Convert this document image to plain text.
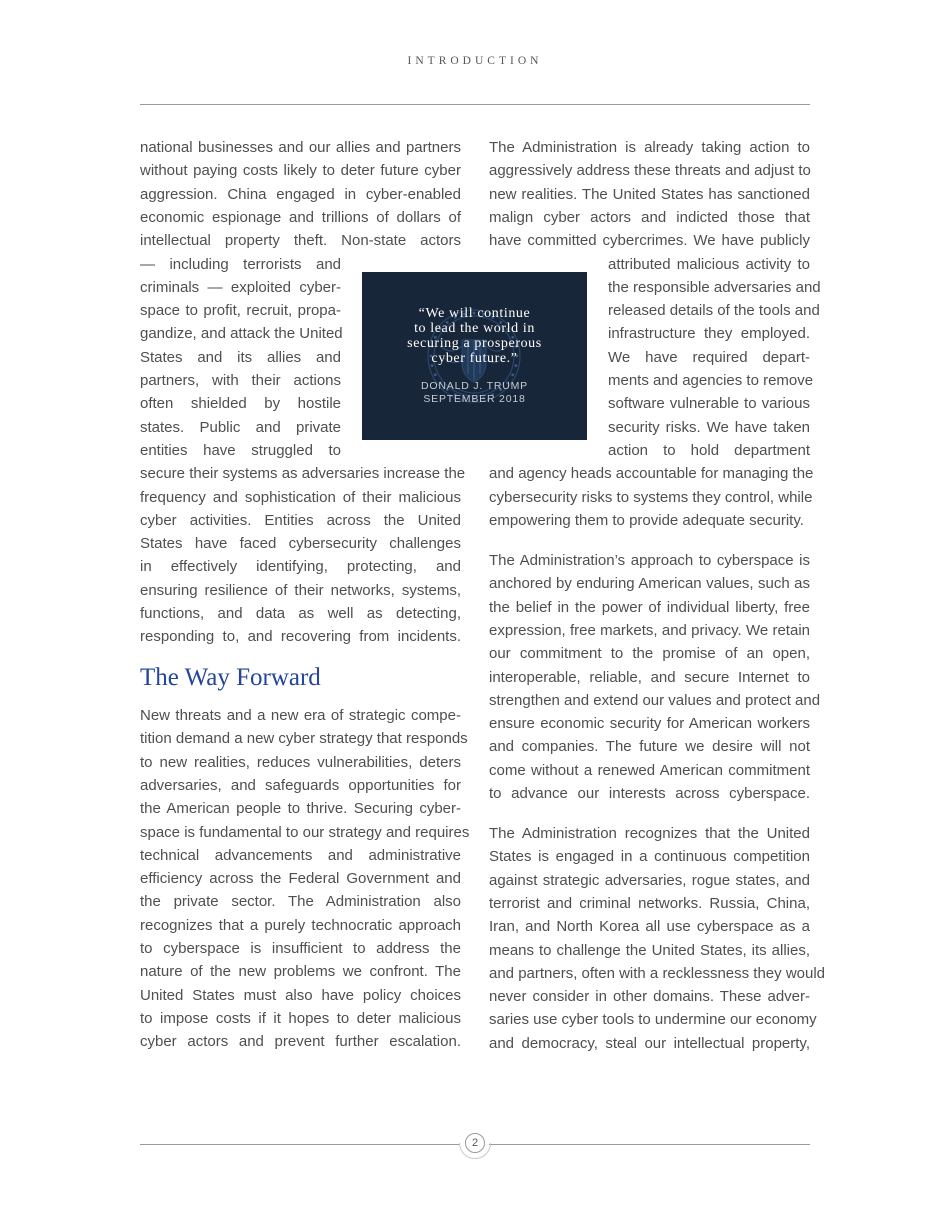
INTRODUCTION
national businesses and our allies and partners
without paying costs likely to deter future cyber
aggression. China engaged in cyber-enabled
economic espionage and trillions of dollars of
intellectual property theft. Non-state actors
— including terrorists and
criminals — exploited cyber-
space to profit, recruit, propa-
gandize, and attack the United
States and its allies and
partners, with their actions
often shielded by hostile
states. Public and private
entities have struggled to
secure their systems as adversaries increase the
frequency and sophistication of their malicious
cyber activities. Entities across the United
States have faced cybersecurity challenges
in effectively identifying, protecting, and
ensuring resilience of their networks, systems,
functions, and data as well as detecting,
responding to, and recovering from incidents.
New threats and a new era of strategic compe-
tition demand a new cyber strategy that responds
to new realities, reduces vulnerabilities, deters
adversaries, and safeguards opportunities for
the American people to thrive. Securing cyber-
space is fundamental to our strategy and requires
technical advancements and administrative
efficiency across the Federal Government and
the private sector. The Administration also
recognizes that a purely technocratic approach
to cyberspace is insufficient to address the
nature of the new problems we confront. The
United States must also have policy choices
to impose costs if it hopes to deter malicious
cyber actors and prevent further escalation.
The Way Forward
The Administration is already taking action to
aggressively address these threats and adjust to
new realities. The United States has sanctioned
malign cyber actors and indicted those that
have committed cybercrimes. We have publicly
attributed malicious activity to
the responsible adversaries and
released details of the tools and
infrastructure they employed.
We have required depart-
ments and agencies to remove
software vulnerable to various
security risks. We have taken
action to hold department
and agency heads accountable for managing the
cybersecurity risks to systems they control, while
empowering them to provide adequate security.
The Administration’s approach to cyberspace is
anchored by enduring American values, such as
the belief in the power of individual liberty, free
expression, free markets, and privacy. We retain
our commitment to the promise of an open,
interoperable, reliable, and secure Internet to
strengthen and extend our values and protect and
ensure economic security for American workers
and companies. The future we desire will not
come without a renewed American commitment
to advance our interests across cyberspace.
The Administration recognizes that the United
States is engaged in a continuous competition
against strategic adversaries, rogue states, and
terrorist and criminal networks. Russia, China,
Iran, and North Korea all use cyberspace as a
means to challenge the United States, its allies,
and partners, often with a recklessness they would
never consider in other domains. These adver-
saries use cyber tools to undermine our economy
and democracy, steal our intellectual property,
“We will continue
to lead the world in
securing a prosperous
cyber future.”
DONALD J. TRUMP
SEPTEMBER 2018
2
